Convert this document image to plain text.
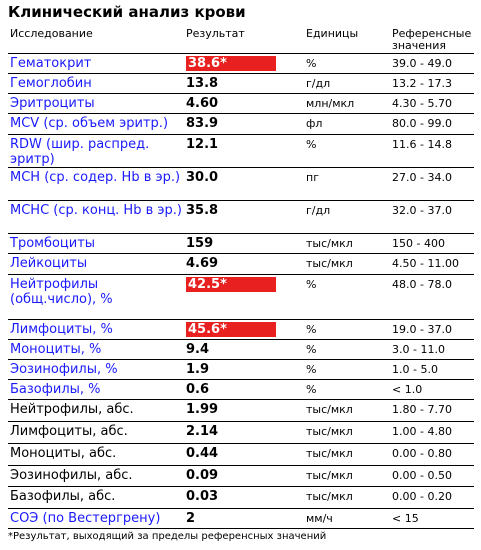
Клинический анализ крови
Исследование	Результат	Единицы	Референсные значения
Гематокрит	38.6*	%	39.0 - 49.0
Гемоглобин	13.8	г/дл	13.2 - 17.3
Эритроциты	4.60	млн/мкл	4.30 - 5.70
MCV (ср. объем эритр.)	83.9	фл	80.0 - 99.0
RDW (шир. распред. эритр)	12.1	%	11.6 - 14.8
MCH (ср. содер. Hb в эр.)	30.0	пг	27.0 - 34.0
MCHC (ср. конц. Hb в эр.)	35.8	г/дл	32.0 - 37.0
Тромбоциты	159	тыс/мкл	150 - 400
Лейкоциты	4.69	тыс/мкл	4.50 - 11.00
Нейтрофилы (общ.число), %	42.5*	%	48.0 - 78.0
Лимфоциты, %	45.6*	%	19.0 - 37.0
Моноциты, %	9.4	%	3.0 - 11.0
Эозинофилы, %	1.9	%	1.0 - 5.0
Базофилы, %	0.6	%	< 1.0
Нейтрофилы, абс.	1.99	тыс/мкл	1.80 - 7.70
Лимфоциты, абс.	2.14	тыс/мкл	1.00 - 4.80
Моноциты, абс.	0.44	тыс/мкл	0.00 - 0.80
Эозинофилы, абс.	0.09	тыс/мкл	0.00 - 0.50
Базофилы, абс.	0.03	тыс/мкл	0.00 - 0.20
СОЭ (по Вестергрену)	2	мм/ч	< 15
*Результат, выходящий за пределы референсных значений
